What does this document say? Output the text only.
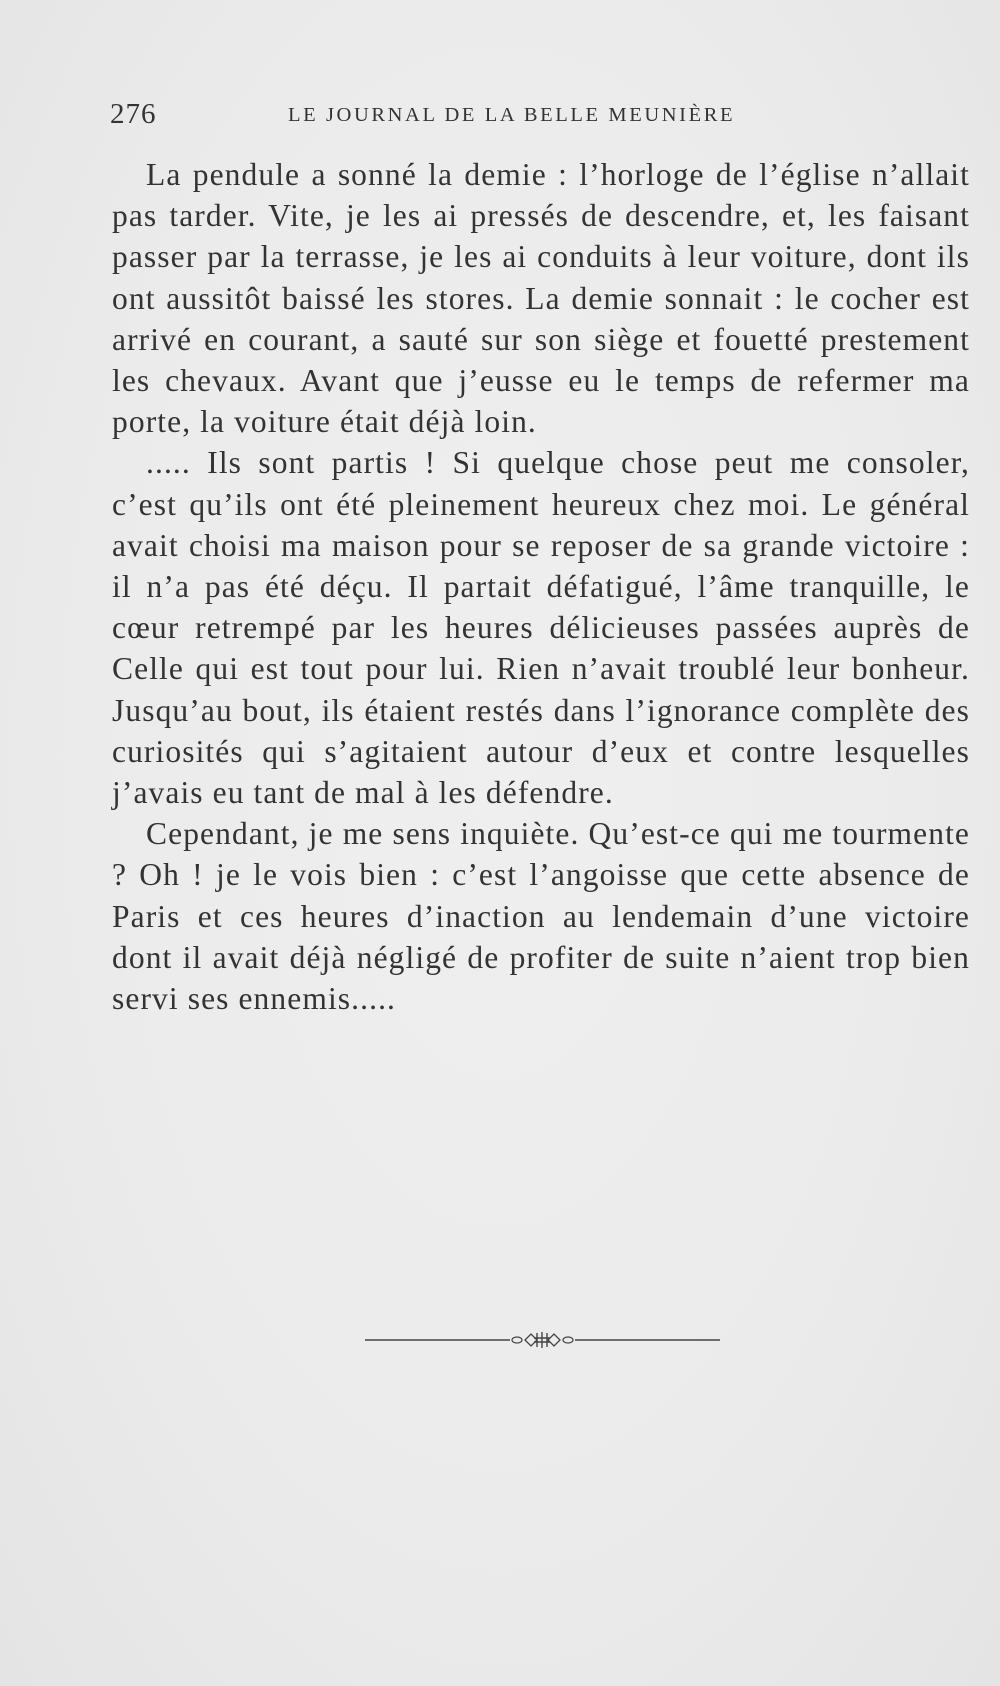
276	LE JOURNAL DE LA BELLE MEUNIÈRE

La pendule a sonné la demie : l’horloge de l’église n’allait pas tarder. Vite, je les ai pressés de descendre, et, les faisant passer par la terrasse, je les ai conduits à leur voiture, dont ils ont aussitôt baissé les stores. La demie sonnait : le cocher est arrivé en courant, a sauté sur son siège et fouetté prestement les chevaux. Avant que j’eusse eu le temps de refermer ma porte, la voiture était déjà loin.

..... Ils sont partis ! Si quelque chose peut me consoler, c’est qu’ils ont été pleinement heureux chez moi. Le général avait choisi ma maison pour se reposer de sa grande victoire : il n’a pas été déçu. Il partait défatigué, l’âme tranquille, le cœur retrempé par les heures délicieuses passées auprès de Celle qui est tout pour lui. Rien n’avait troublé leur bonheur. Jusqu’au bout, ils étaient restés dans l’ignorance complète des curiosités qui s’agitaient autour d’eux et contre lesquelles j’avais eu tant de mal à les défendre.

Cependant, je me sens inquiète. Qu’est-ce qui me tourmente ? Oh ! je le vois bien : c’est l’angoisse que cette absence de Paris et ces heures d’inaction au lendemain d’une victoire dont il avait déjà négligé de profiter de suite n’aient trop bien servi ses ennemis.....
